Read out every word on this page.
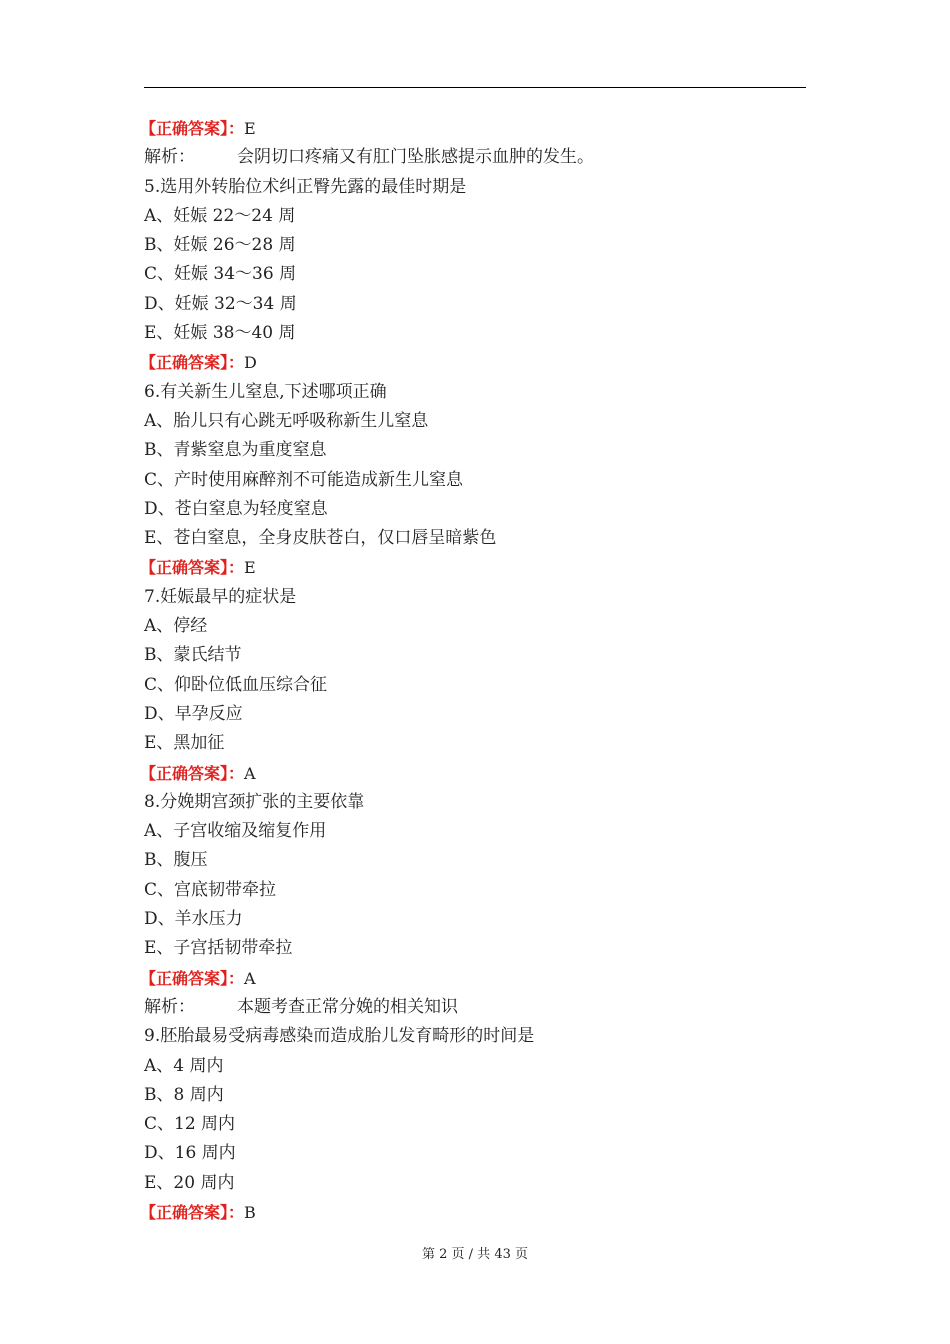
【正确答案】：E
解析： 会阴切口疼痛又有肛门坠胀感提示血肿的发生。
5.选用外转胎位术纠正臀先露的最佳时期是
A、妊娠 22～24 周
B、妊娠 26～28 周
C、妊娠 34～36 周
D、妊娠 32～34 周
E、妊娠 38～40 周
【正确答案】：D
6.有关新生儿窒息,下述哪项正确
A、胎儿只有心跳无呼吸称新生儿窒息
B、青紫窒息为重度窒息
C、产时使用麻醉剂不可能造成新生儿窒息
D、苍白窒息为轻度窒息
E、苍白窒息，全身皮肤苍白，仅口唇呈暗紫色
【正确答案】：E
7.妊娠最早的症状是
A、停经
B、蒙氏结节
C、仰卧位低血压综合征
D、早孕反应
E、黑加征
【正确答案】：A
8.分娩期宫颈扩张的主要依靠
A、子宫收缩及缩复作用
B、腹压
C、宫底韧带牵拉
D、羊水压力
E、子宫括韧带牵拉
【正确答案】：A
解析： 本题考查正常分娩的相关知识
9.胚胎最易受病毒感染而造成胎儿发育畸形的时间是
A、4 周内
B、8 周内
C、12 周内
D、16 周内
E、20 周内
【正确答案】：B
第 2 页 / 共 43 页
